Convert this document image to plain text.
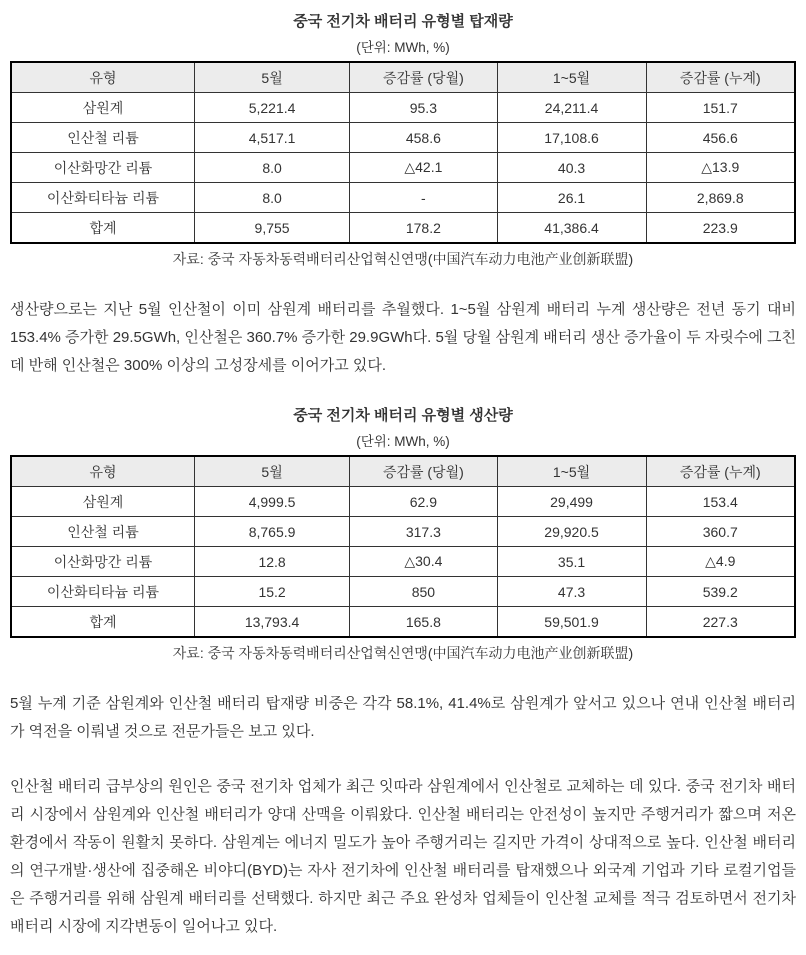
중국 전기차 배터리 유형별 탑재량
(단위: MWh, %)
유형	5월	증감률 (당월)	1~5월	증감률 (누계)
삼원계	5,221.4	95.3	24,211.4	151.7
인산철 리튬	4,517.1	458.6	17,108.6	456.6
이산화망간 리튬	8.0	△42.1	40.3	△13.9
이산화티타늄 리튬	8.0	-	26.1	2,869.8
합계	9,755	178.2	41,386.4	223.9
자료: 중국 자동차동력배터리산업혁신연맹(中国汽车动力电池产业创新联盟)

생산량으로는 지난 5월 인산철이 이미 삼원계 배터리를 추월했다. 1~5월 삼원계 배터리 누계 생산량은 전년 동기 대비 153.4% 증가한 29.5GWh, 인산철은 360.7% 증가한 29.9GWh다. 5월 당월 삼원계 배터리 생산 증가율이 두 자릿수에 그친 데 반해 인산철은 300% 이상의 고성장세를 이어가고 있다.

중국 전기차 배터리 유형별 생산량
(단위: MWh, %)
유형	5월	증감률 (당월)	1~5월	증감률 (누계)
삼원계	4,999.5	62.9	29,499	153.4
인산철 리튬	8,765.9	317.3	29,920.5	360.7
이산화망간 리튬	12.8	△30.4	35.1	△4.9
이산화티타늄 리튬	15.2	850	47.3	539.2
합계	13,793.4	165.8	59,501.9	227.3
자료: 중국 자동차동력배터리산업혁신연맹(中国汽车动力电池产业创新联盟)

5월 누계 기준 삼원계와 인산철 배터리 탑재량 비중은 각각 58.1%, 41.4%로 삼원계가 앞서고 있으나 연내 인산철 배터리가 역전을 이뤄낼 것으로 전문가들은 보고 있다.

인산철 배터리 급부상의 원인은 중국 전기차 업체가 최근 잇따라 삼원계에서 인산철로 교체하는 데 있다. 중국 전기차 배터리 시장에서 삼원계와 인산철 배터리가 양대 산맥을 이뤄왔다. 인산철 배터리는 안전성이 높지만 주행거리가 짧으며 저온 환경에서 작동이 원활치 못하다. 삼원계는 에너지 밀도가 높아 주행거리는 길지만 가격이 상대적으로 높다. 인산철 배터리의 연구개발·생산에 집중해온 비야디(BYD)는 자사 전기차에 인산철 배터리를 탑재했으나 외국계 기업과 기타 로컬기업들은 주행거리를 위해 삼원계 배터리를 선택했다. 하지만 최근 주요 완성차 업체들이 인산철 교체를 적극 검토하면서 전기차 배터리 시장에 지각변동이 일어나고 있다.
